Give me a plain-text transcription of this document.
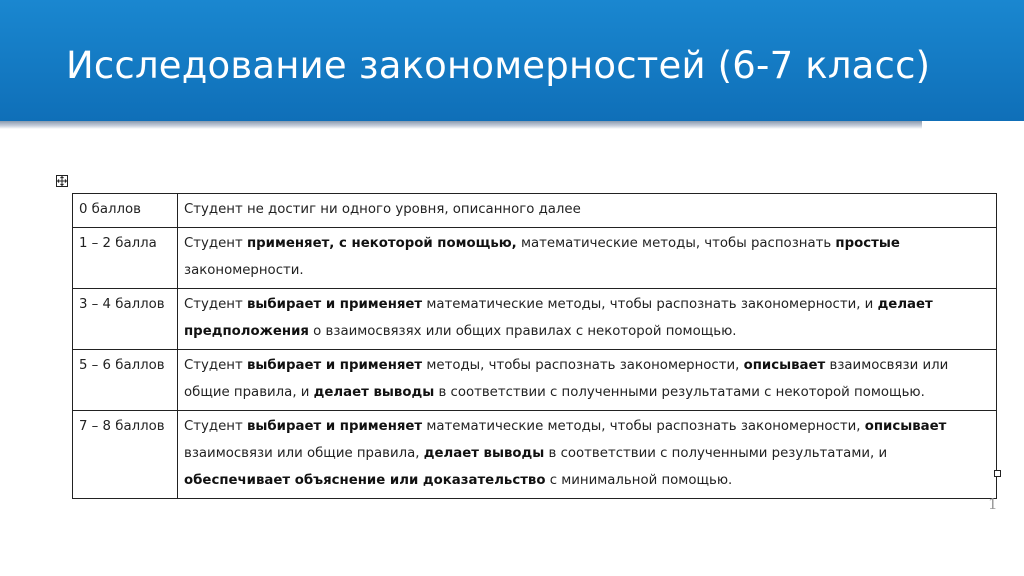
Исследование закономерностей (6-7 класс)
0 баллов	Студент не достиг ни одного уровня, описанного далее
1 – 2 балла	Студент применяет, с некоторой помощью, математические методы, чтобы распознать простые закономерности.
3 – 4 баллов	Студент выбирает и применяет математические методы, чтобы распознать закономерности, и делает предположения о взаимосвязях или общих правилах с некоторой помощью.
5 – 6 баллов	Студент выбирает и применяет методы, чтобы распознать закономерности, описывает взаимосвязи или общие правила, и делает выводы в соответствии с полученными результатами с некоторой помощью.
7 – 8 баллов	Студент выбирает и применяет математические методы, чтобы распознать закономерности, описывает взаимосвязи или общие правила, делает выводы в соответствии с полученными результатами, и обеспечивает объяснение или доказательство с минимальной помощью.
1
